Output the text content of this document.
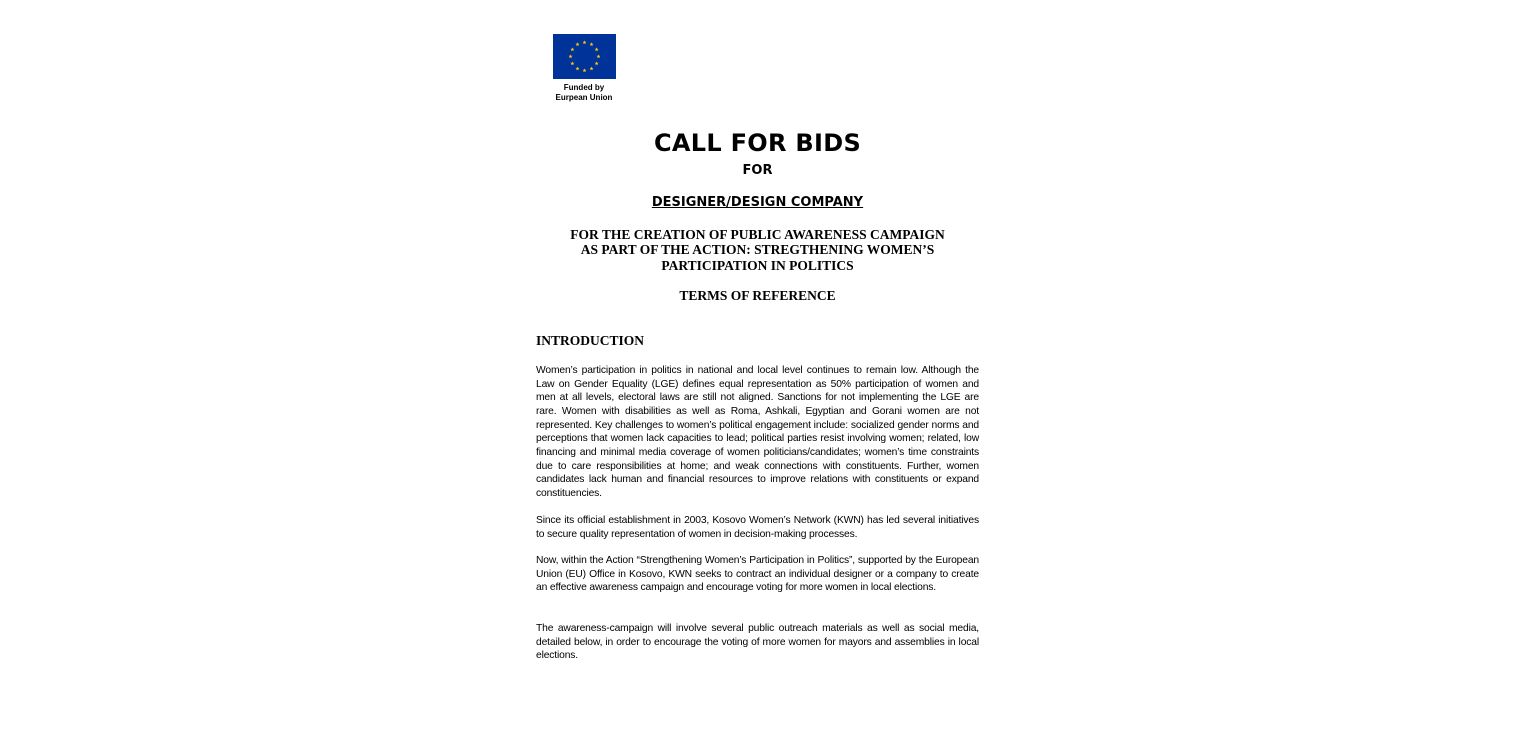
Funded by
Eurpean Union
CALL FOR BIDS
FOR
DESIGNER/DESIGN COMPANY
FOR THE CREATION OF PUBLIC AWARENESS CAMPAIGN
AS PART OF THE ACTION: STREGTHENING WOMEN’S
PARTICIPATION IN POLITICS
TERMS OF REFERENCE
INTRODUCTION
Women’s participation in politics in national and local level continues to remain low. Although the Law on Gender Equality (LGE) defines equal representation as 50% participation of women and men at all levels, electoral laws are still not aligned. Sanctions for not implementing the LGE are rare. Women with disabilities as well as Roma, Ashkali, Egyptian and Gorani women are not represented. Key challenges to women’s political engagement include: socialized gender norms and perceptions that women lack capacities to lead; political parties resist involving women; related, low financing and minimal media coverage of women politicians/candidates; women’s time constraints due to care responsibilities at home; and weak connections with constituents. Further, women candidates lack human and financial resources to improve relations with constituents or expand constituencies.
Since its official establishment in 2003, Kosovo Women’s Network (KWN) has led several initiatives to secure quality representation of women in decision-making processes.
Now, within the Action “Strengthening Women’s Participation in Politics”, supported by the European Union (EU) Office in Kosovo, KWN seeks to contract an individual designer or a company to create an effective awareness campaign and encourage voting for more women in local elections.
The awareness-campaign will involve several public outreach materials as well as social media, detailed below, in order to encourage the voting of more women for mayors and assemblies in local elections.
